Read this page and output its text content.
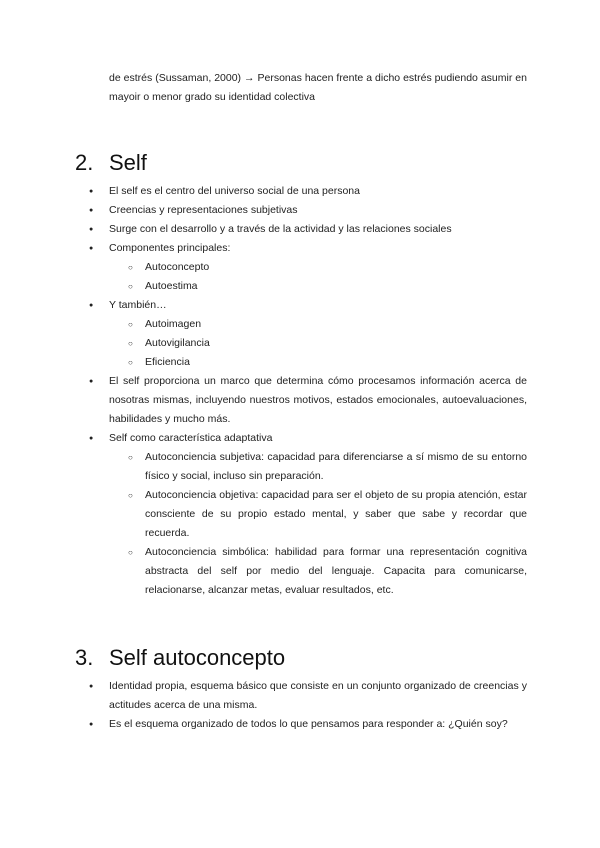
de estrés (Sussaman, 2000) → Personas hacen frente a dicho estrés pudiendo asumir en mayoir o menor grado su identidad colectiva

2. Self
● El self es el centro del universo social de una persona
● Creencias y representaciones subjetivas
● Surge con el desarrollo y a través de la actividad y las relaciones sociales
● Componentes principales:
○ Autoconcepto
○ Autoestima
● Y también…
○ Autoimagen
○ Autovigilancia
○ Eficiencia
● El self proporciona un marco que determina cómo procesamos información acerca de nosotras mismas, incluyendo nuestros motivos, estados emocionales, autoevaluaciones, habilidades y mucho más.
● Self como característica adaptativa
○ Autoconciencia subjetiva: capacidad para diferenciarse a sí mismo de su entorno físico y social, incluso sin preparación.
○ Autoconciencia objetiva: capacidad para ser el objeto de su propia atención, estar consciente de su propio estado mental, y saber que sabe y recordar que recuerda.
○ Autoconciencia simbólica: habilidad para formar una representación cognitiva abstracta del self por medio del lenguaje. Capacita para comunicarse, relacionarse, alcanzar metas, evaluar resultados, etc.
3. Self autoconcepto
● Identidad propia, esquema básico que consiste en un conjunto organizado de creencias y actitudes acerca de una misma.
● Es el esquema organizado de todos lo que pensamos para responder a: ¿Quién soy?
